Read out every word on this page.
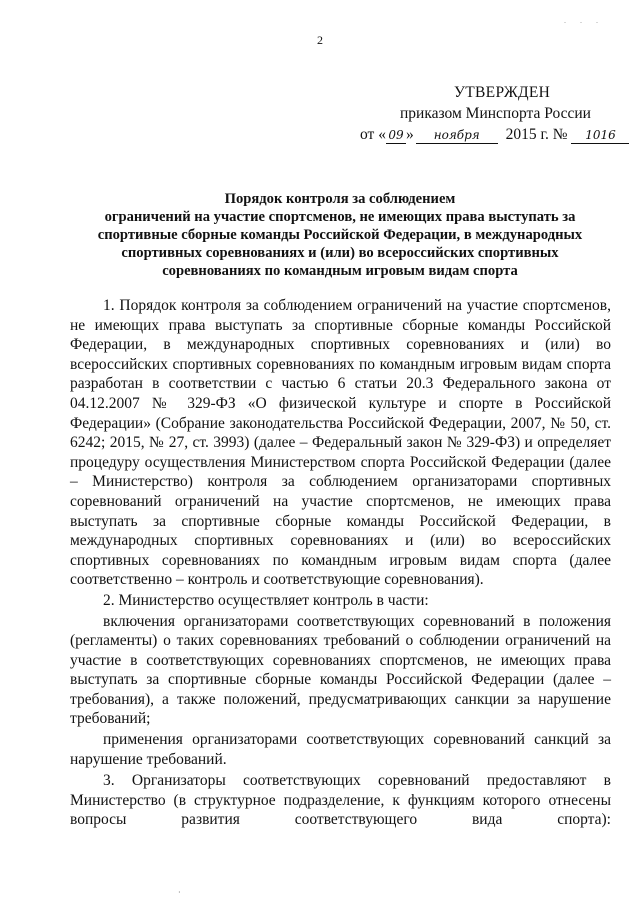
. . .
2
УТВЕРЖДЕН
приказом Минспорта России
от « 09 » ноября 2015 г. № 1016
Порядок контроля за соблюдением
ограничений на участие спортсменов, не имеющих права выступать за
спортивные сборные команды Российской Федерации, в международных
спортивных соревнованиях и (или) во всероссийских спортивных
соревнованиях по командным игровым видам спорта

1. Порядок контроля за соблюдением ограничений на участие спортсменов, не имеющих права выступать за спортивные сборные команды Российской Федерации, в международных спортивных соревнованиях и (или) во всероссийских спортивных соревнованиях по командным игровым видам спорта разработан в соответствии с частью 6 статьи 20.3 Федерального закона от 04.12.2007 № 329-ФЗ «О физической культуре и спорте в Российской Федерации» (Собрание законодательства Российской Федерации, 2007, № 50, ст. 6242; 2015, № 27, ст. 3993) (далее – Федеральный закон № 329-ФЗ) и определяет процедуру осуществления Министерством спорта Российской Федерации (далее – Министерство) контроля за соблюдением организаторами спортивных соревнований ограничений на участие спортсменов, не имеющих права выступать за спортивные сборные команды Российской Федерации, в международных спортивных соревнованиях и (или) во всероссийских спортивных соревнованиях по командным игровым видам спорта (далее соответственно – контроль и соответствующие соревнования).

2. Министерство осуществляет контроль в части:

включения организаторами соответствующих соревнований в положения (регламенты) о таких соревнованиях требований о соблюдении ограничений на участие в соответствующих соревнованиях спортсменов, не имеющих права выступать за спортивные сборные команды Российской Федерации (далее – требования), а также положений, предусматривающих санкции за нарушение требований;

применения организаторами соответствующих соревнований санкций за нарушение требований.

3. Организаторы соответствующих соревнований предоставляют в Министерство (в структурное подразделение, к функциям которого отнесены вопросы развития соответствующего вида спорта):

·
